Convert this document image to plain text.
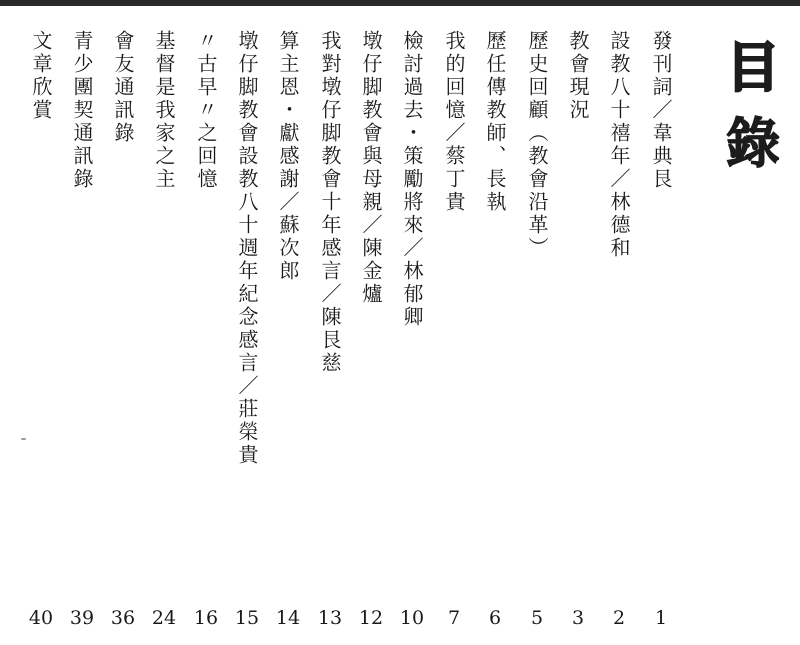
目
錄
發刊詞／韋典艮
1
設教八十禧年／林德和
2
教會現況
3
歷史回顧（教會沿革）
5
歷任傳教師、長執
6
我的回憶／蔡丁貴
7
檢討過去・策勵將來／林郁卿
10
墩仔脚教會與母親／陳金爐
12
我對墩仔脚教會十年感言／陳艮慈
13
算主恩・獻感謝／蘇次郎
14
墩仔脚教會設教八十週年紀念感言／莊榮貴
15
〃古早〃之回憶
16
基督是我家之主
24
會友通訊錄
36
青少團契通訊錄
39
文章欣賞
40
